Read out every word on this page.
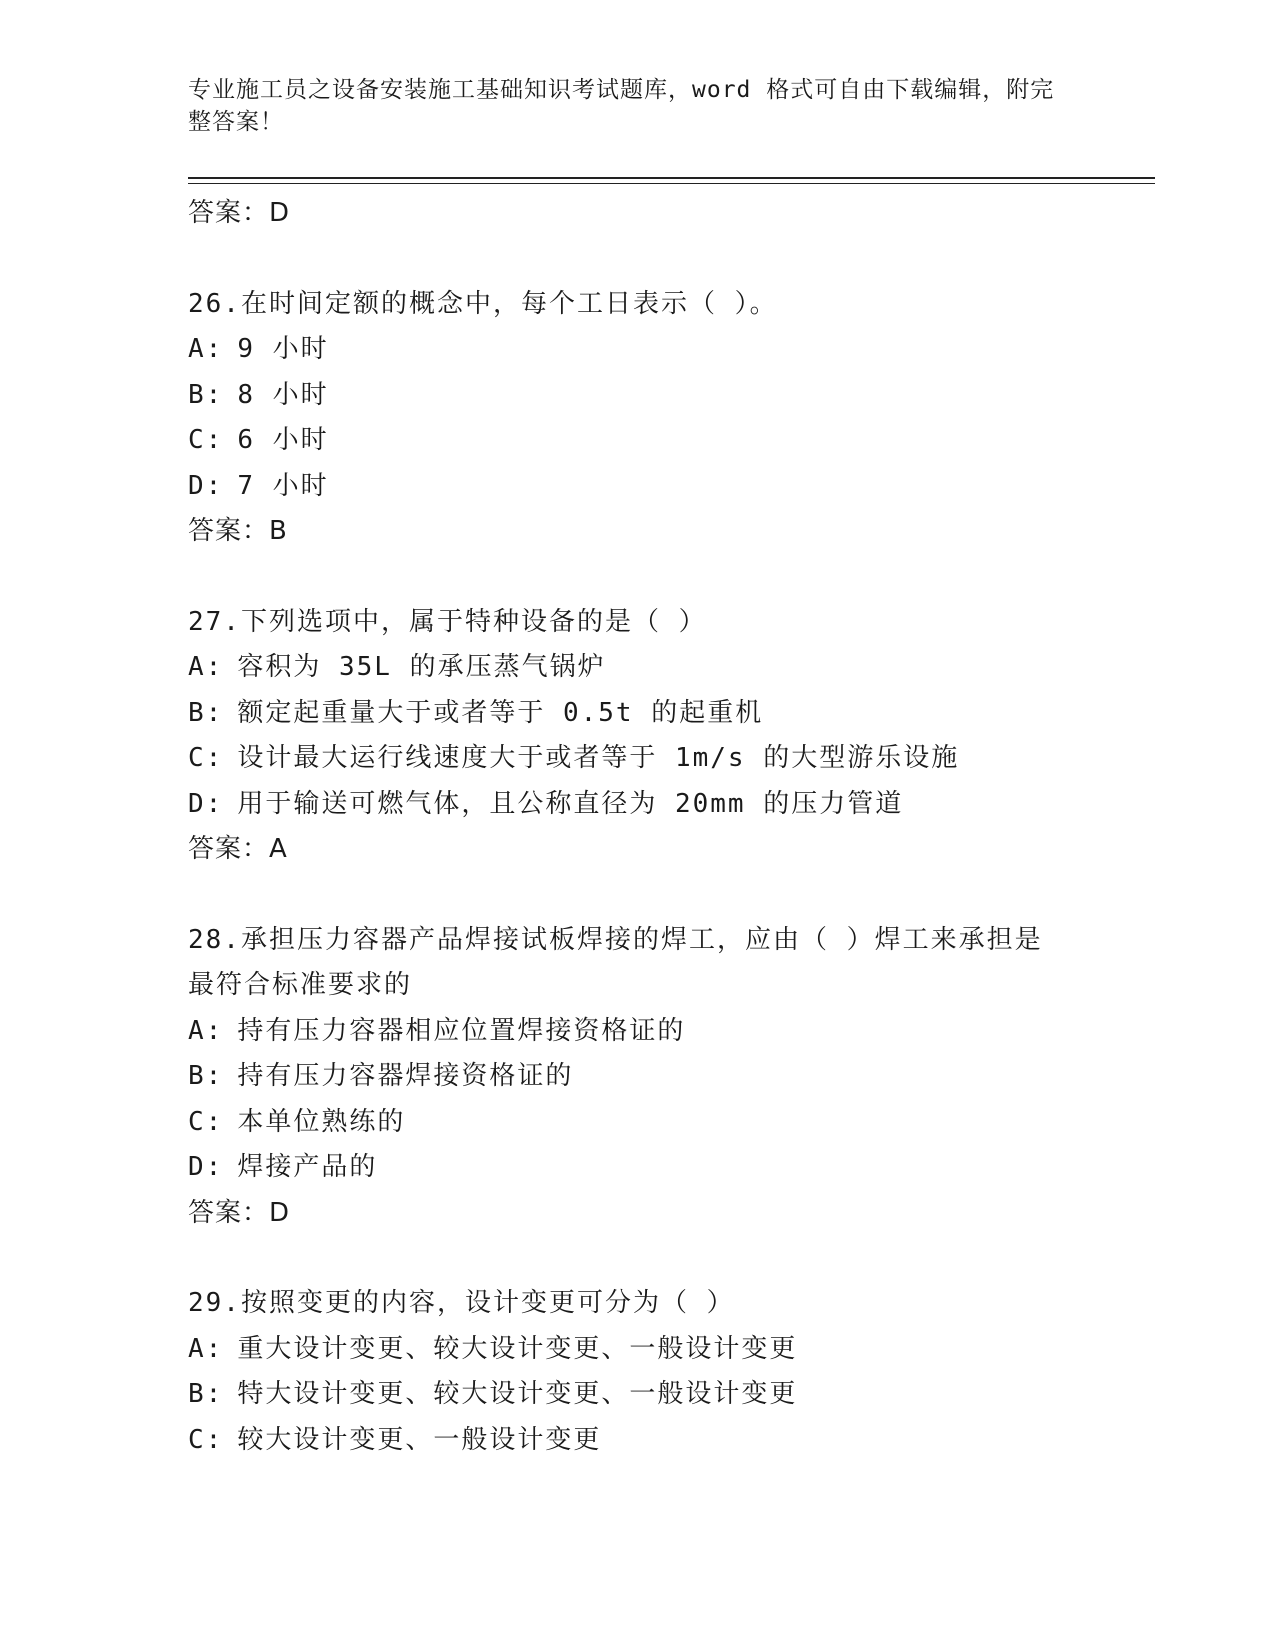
专业施工员之设备安装施工基础知识考试题库，word 格式可自由下载编辑，附完
整答案！
答案：D
26.在时间定额的概念中，每个工日表示（ ）。
A: 9 小时
B: 8 小时
C: 6 小时
D: 7 小时
答案：B
27.下列选项中，属于特种设备的是（ ）
A: 容积为 35L 的承压蒸气锅炉
B: 额定起重量大于或者等于 0.5t 的起重机
C: 设计最大运行线速度大于或者等于 1m/s 的大型游乐设施
D: 用于输送可燃气体，且公称直径为 20mm 的压力管道
答案：A
28.承担压力容器产品焊接试板焊接的焊工，应由（ ）焊工来承担是
最符合标准要求的
A: 持有压力容器相应位置焊接资格证的
B: 持有压力容器焊接资格证的
C: 本单位熟练的
D: 焊接产品的
答案：D
29.按照变更的内容，设计变更可分为（ ）
A: 重大设计变更、较大设计变更、一般设计变更
B: 特大设计变更、较大设计变更、一般设计变更
C: 较大设计变更、一般设计变更
